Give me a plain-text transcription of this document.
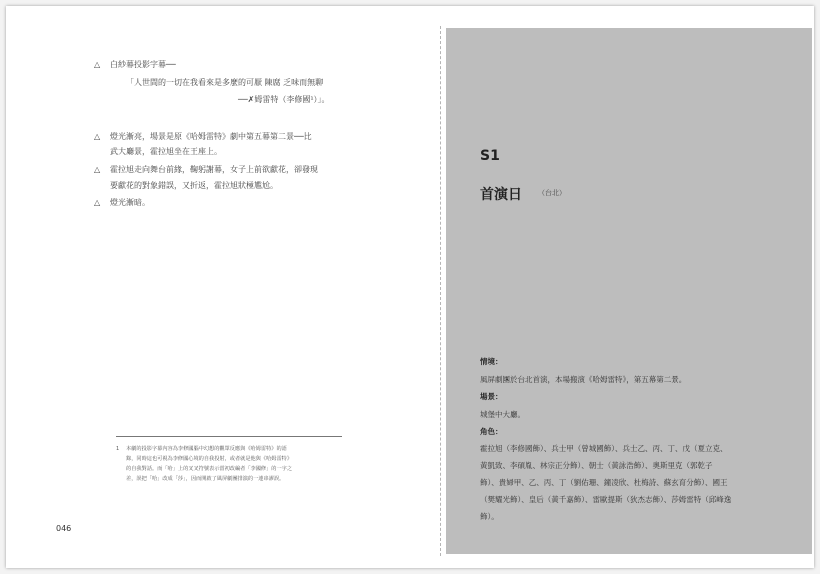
△ 白紗幕投影字幕──
「人世間的一切在我看來是多麼的可厭 陳腐 乏味而無聊
──✗姆雷特（李修國¹）」。
△ 燈光漸亮，場景是原《哈姆雷特》劇中第五幕第二景──比
武大廳景，霍拉旭坐在王座上。
△ 霍拉旭走向舞台前緣，鞠躬謝幕，女子上前欲獻花，卻發現
要獻花的對象錯誤，又折返，霍拉旭狀極尷尬。
△ 燈光漸暗。
1 本劇的投影字幕內容為李修國腦中幻想的觀眾反應與《哈姆雷特》的語
錄，同時這也可視為李修國心境的自我投射，或者就是他與《哈姆雷特》
的自我對話。而「哈」上的叉叉符號表示當初改編者「李國修」的一字之
差，誤把「哈」改成「莎」，因而開啟了風屏劇團排演的一連串謬誤。
046
S1
首演日 （台北）
情境：
風屏劇團於台北首演，本場搬演《哈姆雷特》，第五幕第二景。
場景：
城堡中大廳。
角色：
霍拉旭（李修國飾）、兵士甲（曾城國飾）、兵士乙、丙、丁、戊（夏立克、
黃凱致、李碩胤、林宗正分飾）、朝士（黃詠浩飾）、奧斯里克（郭乾子
飾）、貴婦甲、乙、丙、丁（劉佑珊、鐘凌欣、杜梅詩、蘇玄育分飾）、國王
（樊耀光飾）、皇后（黃千嘉飾）、雷歐提斯（狄杰志飾）、莎姆雷特（邱峰逸
飾）。
